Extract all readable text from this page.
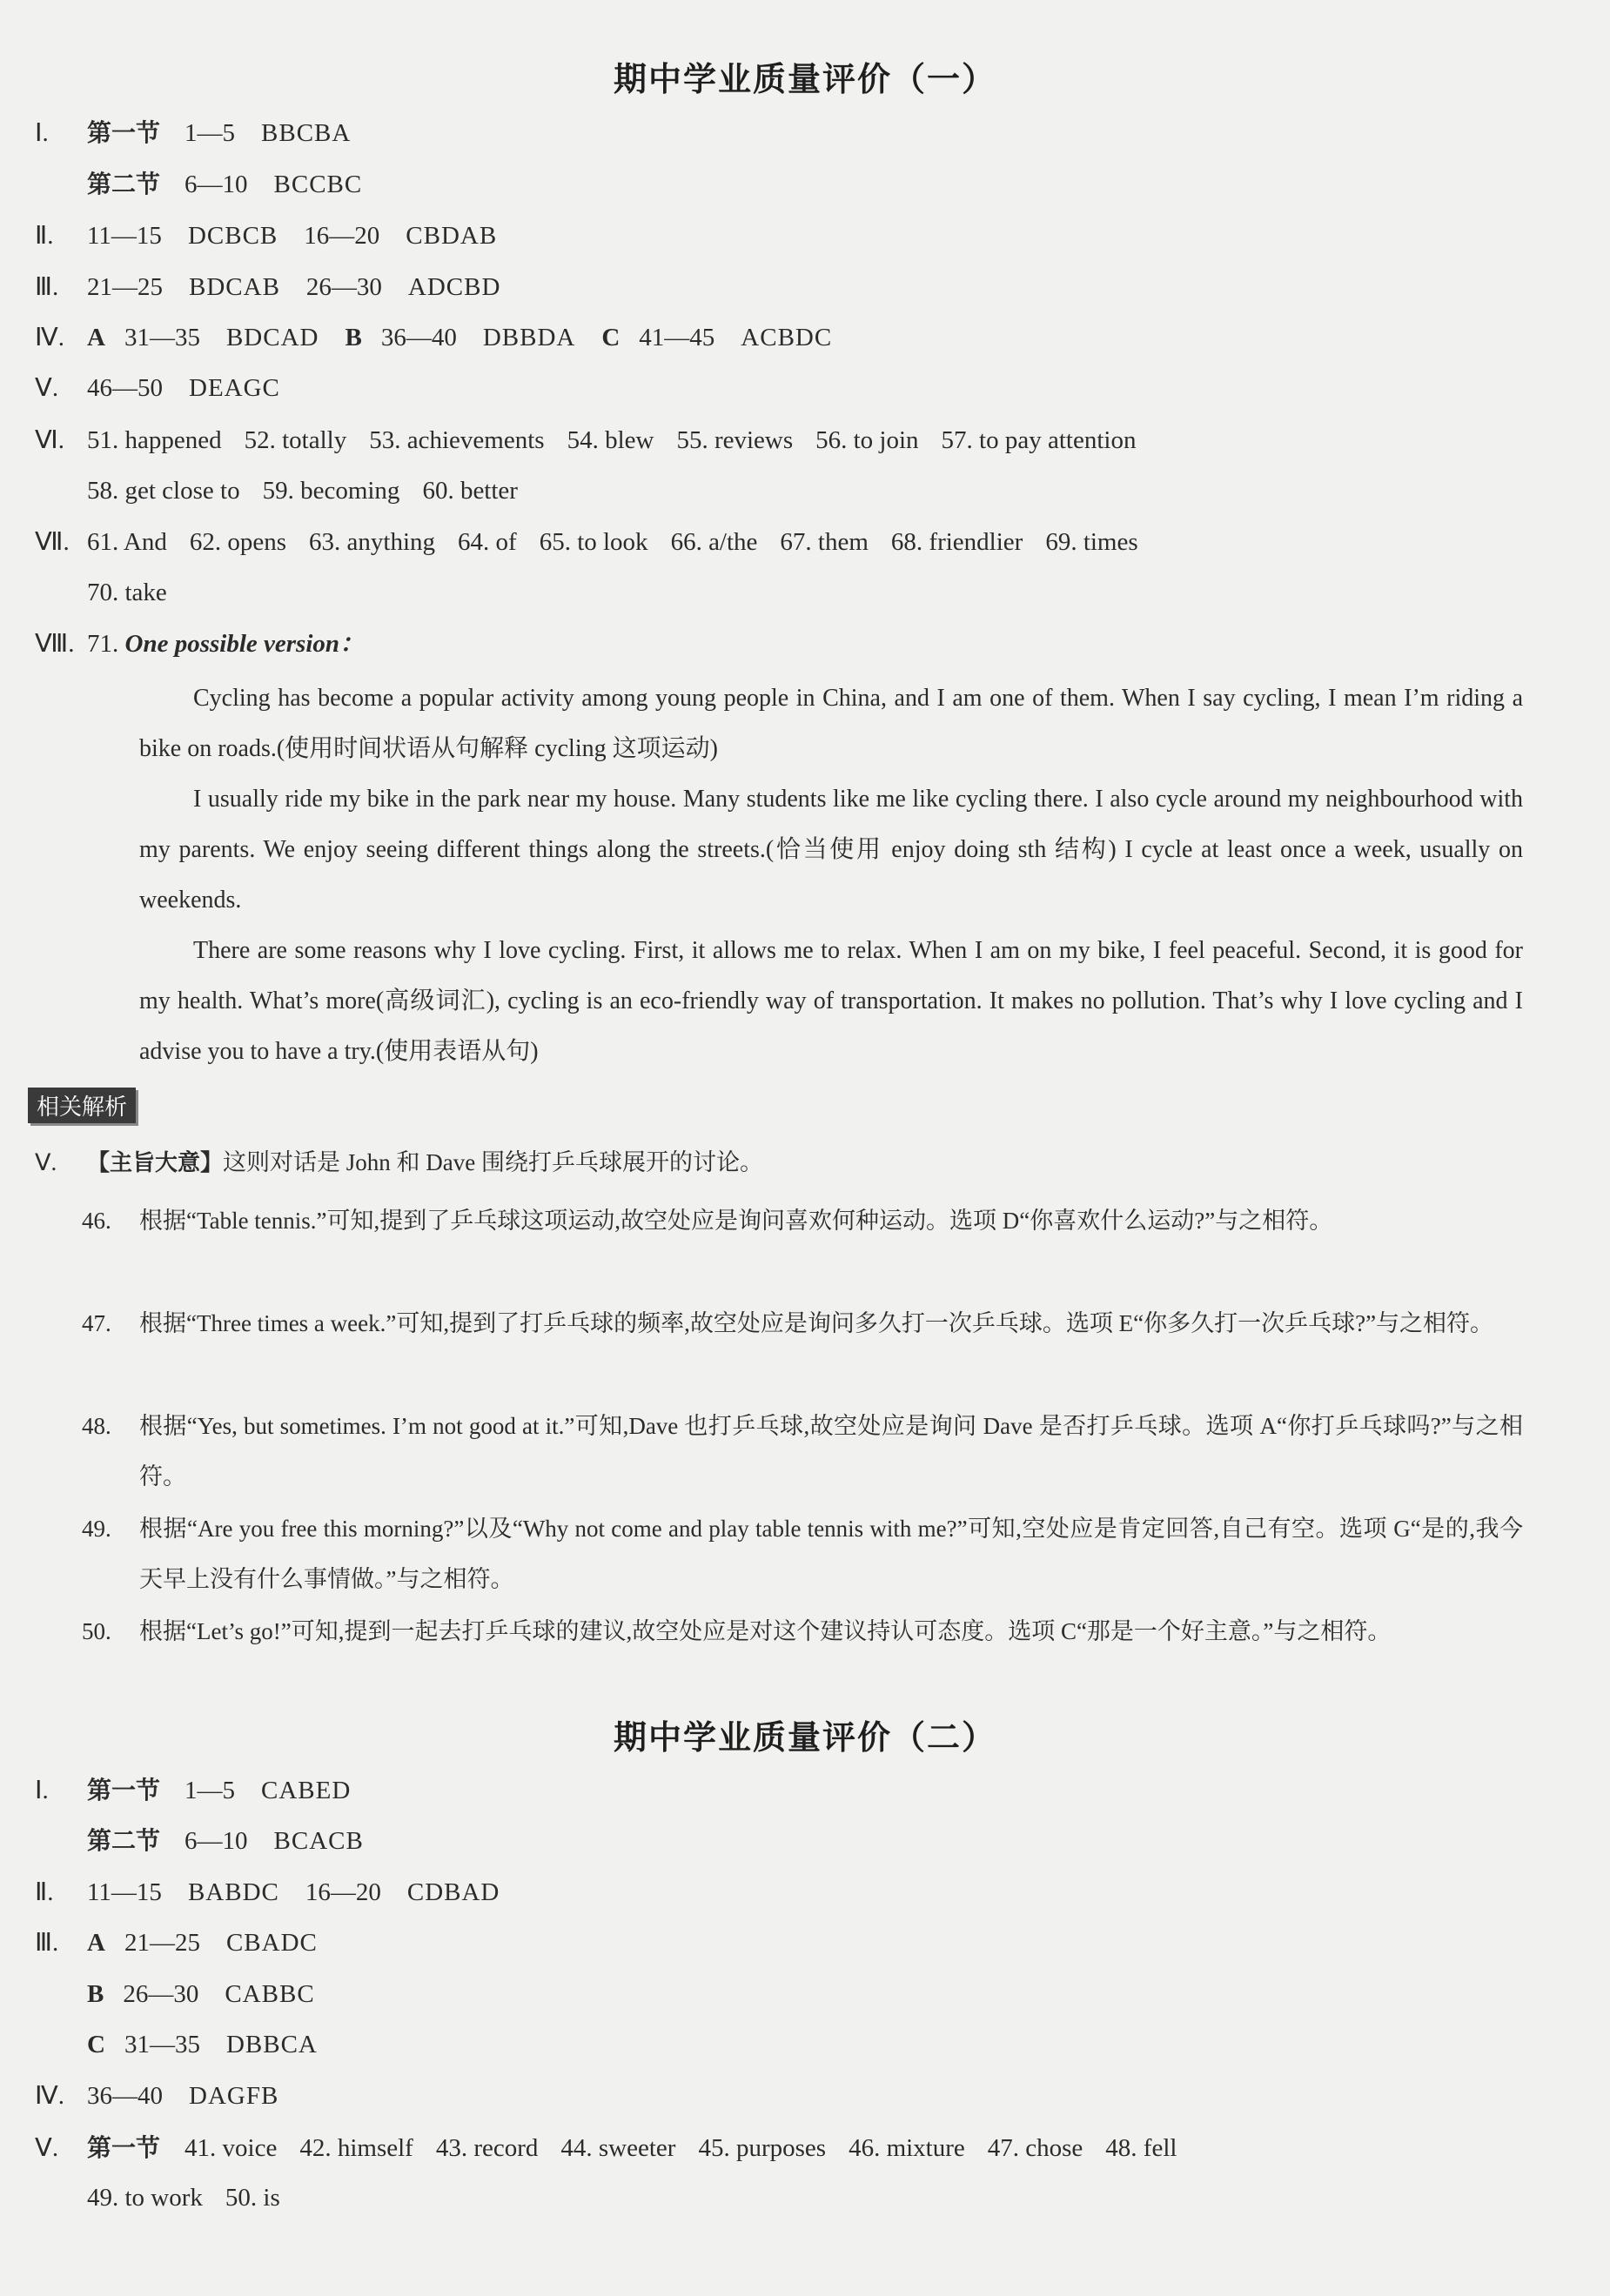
期中学业质量评价（一）
Ⅰ. 第一节 1—5 BBCBA
第二节 6—10 BCCBC
Ⅱ. 11—15 DCBCB 16—20 CBDAB
Ⅲ. 21—25 BDCAB 26—30 ADCBD
Ⅳ. A 31—35 BDCAD B 36—40 DBBDA C 41—45 ACBDC
Ⅴ. 46—50 DEAGC
Ⅵ. 51. happened 52. totally 53. achievements 54. blew 55. reviews 56. to join 57. to pay attention
58. get close to 59. becoming 60. better
Ⅶ. 61. And 62. opens 63. anything 64. of 65. to look 66. a/the 67. them 68. friendlier 69. times
70. take
Ⅷ. 71. One possible version：
Cycling has become a popular activity among young people in China, and I am one of them. When I say cycling, I mean I’m riding a bike on roads.(使用时间状语从句解释 cycling 这项运动)
I usually ride my bike in the park near my house. Many students like me like cycling there. I also cycle around my neighbourhood with my parents. We enjoy seeing different things along the streets.(恰当使用 enjoy doing sth 结构) I cycle at least once a week, usually on weekends.
There are some reasons why I love cycling. First, it allows me to relax. When I am on my bike, I feel peaceful. Second, it is good for my health. What’s more(高级词汇), cycling is an eco-friendly way of transportation. It makes no pollution. That’s why I love cycling and I advise you to have a try.(使用表语从句)
相关解析
Ⅴ. 【主旨大意】这则对话是 John 和 Dave 围绕打乒乓球展开的讨论。
46. 根据“Table tennis.”可知,提到了乒乓球这项运动,故空处应是询问喜欢何种运动。选项 D“你喜欢什么运动?”与之相符。
47. 根据“Three times a week.”可知,提到了打乒乓球的频率,故空处应是询问多久打一次乒乓球。选项 E“你多久打一次乒乓球?”与之相符。
48. 根据“Yes, but sometimes. I’m not good at it.”可知,Dave 也打乒乓球,故空处应是询问 Dave 是否打乒乓球。选项 A“你打乒乓球吗?”与之相符。
49. 根据“Are you free this morning?”以及“Why not come and play table tennis with me?”可知,空处应是肯定回答,自己有空。选项 G“是的,我今天早上没有什么事情做。”与之相符。
50. 根据“Let’s go!”可知,提到一起去打乒乓球的建议,故空处应是对这个建议持认可态度。选项 C“那是一个好主意。”与之相符。
期中学业质量评价（二）
Ⅰ. 第一节 1—5 CABED
第二节 6—10 BCACB
Ⅱ. 11—15 BABDC 16—20 CDBAD
Ⅲ. A 21—25 CBADC
B 26—30 CABBC
C 31—35 DBBCA
Ⅳ. 36—40 DAGFB
Ⅴ. 第一节 41. voice 42. himself 43. record 44. sweeter 45. purposes 46. mixture 47. chose 48. fell
49. to work 50. is
